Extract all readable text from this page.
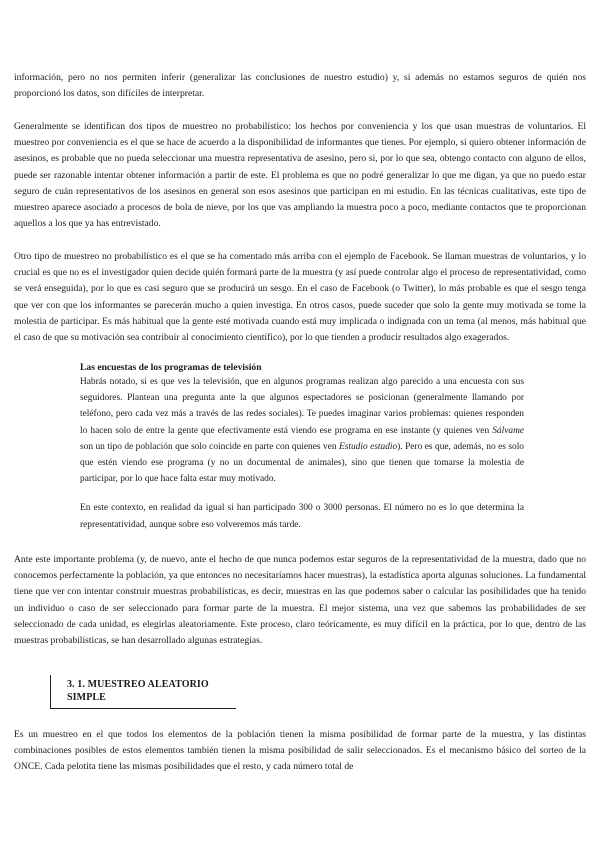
información, pero no nos permiten inferir (generalizar las conclusiones de nuestro estudio) y, si además no estamos seguros de quién nos proporcionó los datos, son difíciles de interpretar.

Generalmente se identifican dos tipos de muestreo no probabilístico: los hechos por conveniencia y los que usan muestras de voluntarios. El muestreo por conveniencia es el que se hace de acuerdo a la disponibilidad de informantes que tienes. Por ejemplo, si quiero obtener información de asesinos, es probable que no pueda seleccionar una muestra representativa de asesino, pero si, por lo que sea, obtengo contacto con alguno de ellos, puede ser razonable intentar obtener información a partir de este. El problema es que no podré generalizar lo que me digan, ya que no puedo estar seguro de cuán representativos de los asesinos en general son esos asesinos que participan en mi estudio. En las técnicas cualitativas, este tipo de muestreo aparece asociado a procesos de bola de nieve, por los que vas ampliando la muestra poco a poco, mediante contactos que te proporcionan aquellos a los que ya has entrevistado.

Otro tipo de muestreo no probabilístico es el que se ha comentado más arriba con el ejemplo de Facebook. Se llaman muestras de voluntarios, y lo crucial es que no es el investigador quien decide quién formará parte de la muestra (y así puede controlar algo el proceso de representatividad, como se verá enseguida), por lo que es casi seguro que se producirá un sesgo. En el caso de Facebook (o Twitter), lo más probable es que el sesgo tenga que ver con que los informantes se parecerán mucho a quien investiga. En otros casos, puede suceder que solo la gente muy motivada se tome la molestia de participar. Es más habitual que la gente esté motivada cuando está muy implicada o indignada con un tema (al menos, más habitual que el caso de que su motivación sea contribuir al conocimiento científico), por lo que tienden a producir resultados algo exagerados.

Las encuestas de los programas de televisión

Habrás notado, si es que ves la televisión, que en algunos programas realizan algo parecido a una encuesta con sus seguidores. Plantean una pregunta ante la que algunos espectadores se posicionan (generalmente llamando por teléfono, pero cada vez más a través de las redes sociales). Te puedes imaginar varios problemas: quienes responden lo hacen solo de entre la gente que efectivamente está viendo ese programa en ese instante (y quienes ven Sálvame son un tipo de población que solo coincide en parte con quienes ven Estudio estadio). Pero es que, además, no es solo que estén viendo ese programa (y no un documental de animales), sino que tienen que tomarse la molestia de participar, por lo que hace falta estar muy motivado.

En este contexto, en realidad da igual si han participado 300 o 3000 personas. El número no es lo que determina la representatividad, aunque sobre eso volveremos más tarde.

Ante este importante problema (y, de nuevo, ante el hecho de que nunca podemos estar seguros de la representatividad de la muestra, dado que no conocemos perfectamente la población, ya que entonces no necesitaríamos hacer muestras), la estadística aporta algunas soluciones. La fundamental tiene que ver con intentar construir muestras probabilísticas, es decir, muestras en las que podemos saber o calcular las posibilidades que ha tenido un individuo o caso de ser seleccionado para formar parte de la muestra. El mejor sistema, una vez que sabemos las probabilidades de ser seleccionado de cada unidad, es elegirlas aleatoriamente. Este proceso, claro teóricamente, es muy difícil en la práctica, por lo que, dentro de las muestras probabilísticas, se han desarrollado algunas estrategias.

3. 1. MUESTREO ALEATORIO
SIMPLE

Es un muestreo en el que todos los elementos de la población tienen la misma posibilidad de formar parte de la muestra, y las distintas combinaciones posibles de estos elementos también tienen la misma posibilidad de salir seleccionados. Es el mecanismo básico del sorteo de la ONCE. Cada pelotita tiene las mismas posibilidades que el resto, y cada número total de
